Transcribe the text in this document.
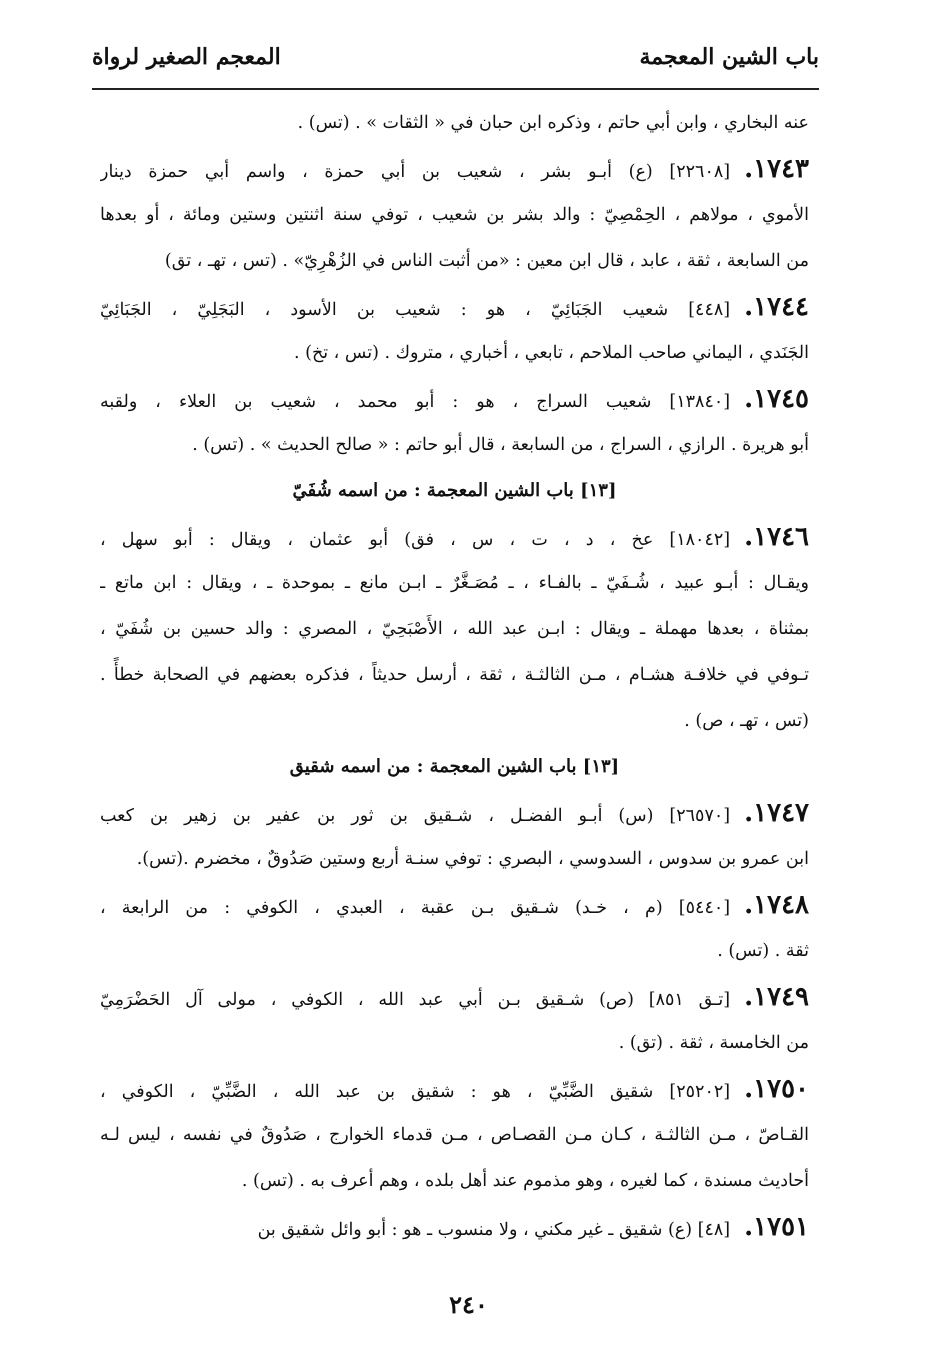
باب الشين المعجمة
المعجم الصغير لرواة
عنه البخاري ، وابن أبي حاتم ، وذكره ابن حبان في « الثقات » . (تس) .
١٧٤٣.[٢٢٦٠٨] (ع) أبـو بشر ، شعيب بن أبي حمزة ، واسم أبي حمزة دينار
الأموي ، مولاهم ، الحِمْصِيّ : والد بشر بن شعيب ، توفي سنة اثنتين وستين ومائة ، أو بعدها
من السابعة ، ثقة ، عابد ، قال ابن معين : «من أثبت الناس في الزُهْرِيّ» . (تس ، تهـ ، تق)
١٧٤٤.[٤٤٨] شعيب الجَبَائِيّ ، هو : شعيب بن الأسود ، البَجَلِيّ ، الجَبَائِيّ
الجَنَدي ، اليماني صاحب الملاحم ، تابعي ، أخباري ، متروك . (تس ، تخ) .
١٧٤٥.[١٣٨٤٠] شعيب السراج ، هو : أبو محمد ، شعيب بن العلاء ، ولقبه
أبو هريرة . الرازي ، السراج ، من السابعة ، قال أبو حاتم : « صالح الحديث » . (تس) .
[١٣] باب الشين المعجمة : من اسمه شُفَيّ
١٧٤٦.[١٨٠٤٢] عخ ، د ، ت ، س ، فق) أبو عثمان ، ويقال : أبو سهل ،
ويقـال : أبـو عبيد ، شُـفَيّ ـ بالفـاء ، ـ مُصَـغَّرٌ ـ ابـن مانع ـ بموحدة ـ ، ويقال : ابن ماتع ـ
بمثناة ، بعدها مهملة ـ ويقال : ابـن عبد الله ، الأَصْبَحِيّ ، المصري : والد حسين بن شُفَيّ ،
تـوفي في خلافـة هشـام ، مـن الثالثـة ، ثقة ، أرسل حديثاً ، فذكره بعضهم في الصحابة خطأً .
(تس ، تهـ ، ص) .
[١٣] باب الشين المعجمة : من اسمه شقيق
١٧٤٧.[٢٦٥٧٠] (س) أبـو الفضـل ، شـقيق بن ثور بن عفير بن زهير بن كعب
ابن عمرو بن سدوس ، السدوسي ، البصري : توفي سنـة أربع وستين صَدُوقٌ ، مخضرم .(تس).
١٧٤٨.[٥٤٤٠] (م ، خـد) شـقيق بـن عقبة ، العبدي ، الكوفي : من الرابعة ،
ثقة . (تس) .
١٧٤٩.[تـق ٨٥١] (ص) شـقيق بـن أبي عبد الله ، الكوفي ، مولى آل الحَضْرَمِيّ
من الخامسة ، ثقة . (تق) .
١٧٥٠.[٢٥٢٠٢] شقيق الضَّبِّيّ ، هو : شقيق بن عبد الله ، الضَّبِّيّ ، الكوفي ،
القـاصّ ، مـن الثالثـة ، كـان مـن القصـاص ، مـن قدماء الخوارج ، صَدُوقٌ في نفسه ، ليس لـه
أحاديث مسندة ، كما لغيره ، وهو مذموم عند أهل بلده ، وهم أعرف به . (تس) .
١٧٥١.[٤٨] (ع) شقيق ـ غير مكني ، ولا منسوب ـ هو : أبو وائل شقيق بن
٢٤٠
